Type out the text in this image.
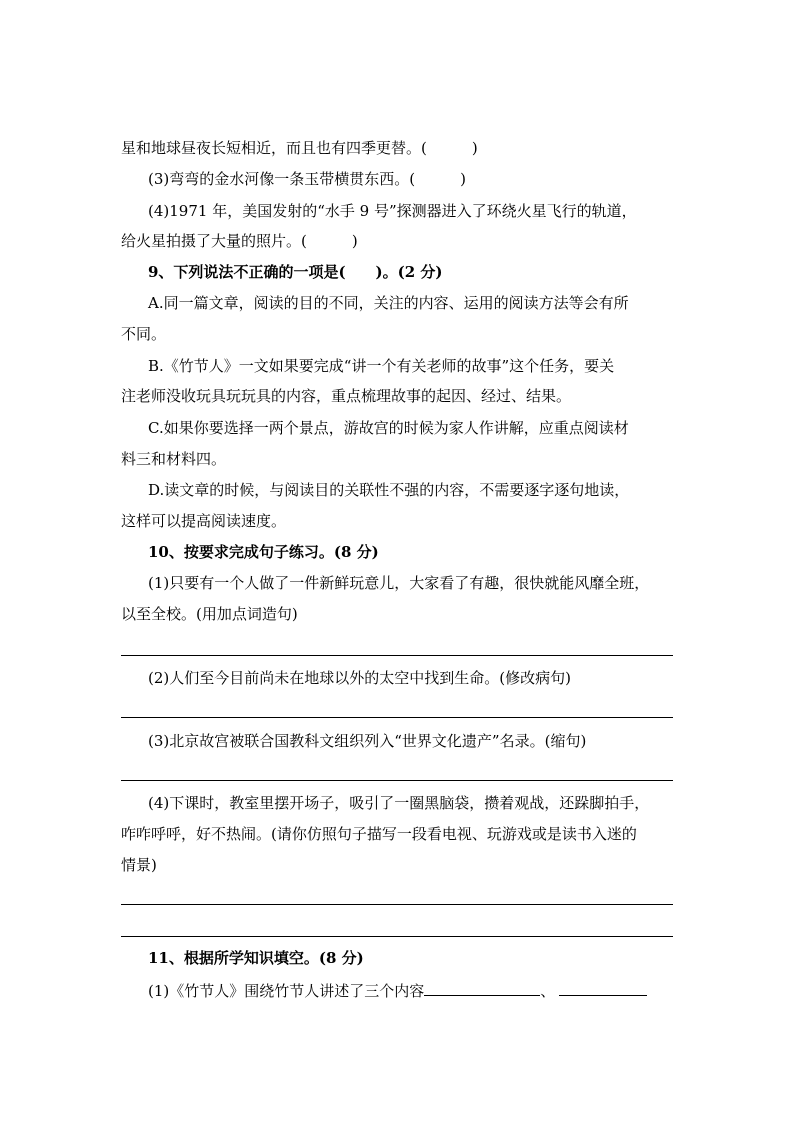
星和地球昼夜长短相近，而且也有四季更替。(　　　)
(3)弯弯的金水河像一条玉带横贯东西。(　　　)
(4)1971 年，美国发射的“水手 9 号”探测器进入了环绕火星飞行的轨道，
给火星拍摄了大量的照片。(　　　)
9、下列说法不正确的一项是(　　)。(2 分)
A.同一篇文章，阅读的目的不同，关注的内容、运用的阅读方法等会有所
不同。
B.《竹节人》一文如果要完成“讲一个有关老师的故事”这个任务，要关
注老师没收玩具玩玩具的内容，重点梳理故事的起因、经过、结果。
C.如果你要选择一两个景点，游故宫的时候为家人作讲解，应重点阅读材
料三和材料四。
D.读文章的时候，与阅读目的关联性不强的内容，不需要逐字逐句地读，
这样可以提高阅读速度。
10、按要求完成句子练习。(8 分)
(1)只要有一个人做了一件新鲜玩意儿，大家看了有趣，很快就能风靡全班，
以至全校。(用加点词造句)
(2)人们至今目前尚未在地球以外的太空中找到生命。(修改病句)
(3)北京故宫被联合国教科文组织列入“世界文化遗产”名录。(缩句)
(4)下课时，教室里摆开场子，吸引了一圈黑脑袋，攒着观战，还跺脚拍手，
咋咋呼呼，好不热闹。(请你仿照句子描写一段看电视、玩游戏或是读书入迷的
情景)
11、根据所学知识填空。(8 分)
(1)《竹节人》围绕竹节人讲述了三个内容	、
